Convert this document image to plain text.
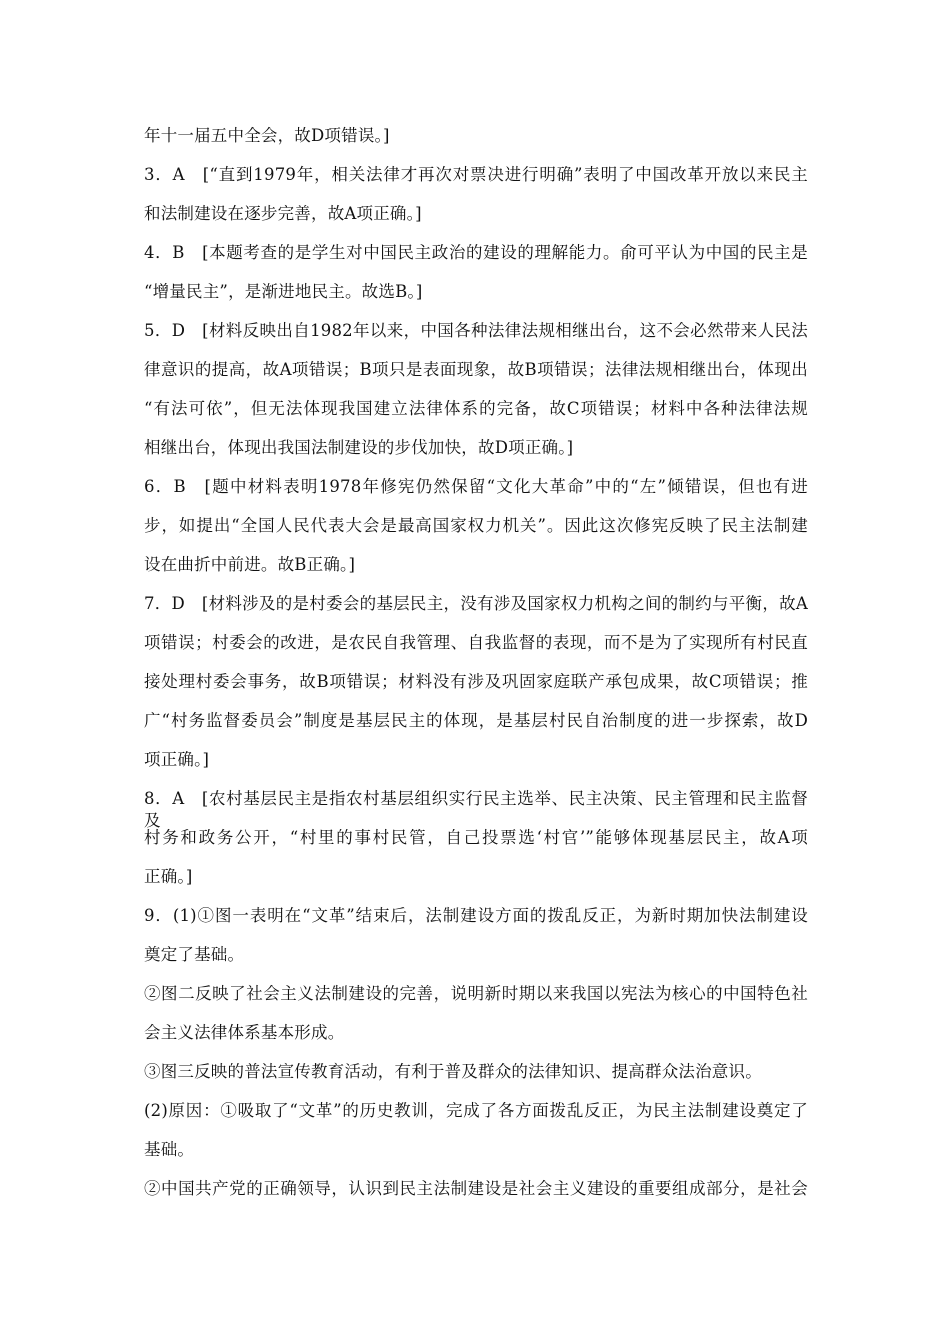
年十一届五中全会，故D项错误。]
3．A　[“直到1979年，相关法律才再次对票决进行明确”表明了中国改革开放以来民主
和法制建设在逐步完善，故A项正确。]
4．B　[本题考查的是学生对中国民主政治的建设的理解能力。俞可平认为中国的民主是
“增量民主”，是渐进地民主。故选B。]
5．D　[材料反映出自1982年以来，中国各种法律法规相继出台，这不会必然带来人民法
律意识的提高，故A项错误；B项只是表面现象，故B项错误；法律法规相继出台，体现出
“有法可依”，但无法体现我国建立法律体系的完备，故C项错误；材料中各种法律法规
相继出台，体现出我国法制建设的步伐加快，故D项正确。]
6．B　[题中材料表明1978年修宪仍然保留“文化大革命”中的“左”倾错误，但也有进
步，如提出“全国人民代表大会是最高国家权力机关”。因此这次修宪反映了民主法制建
设在曲折中前进。故B正确。]
7．D　[材料涉及的是村委会的基层民主，没有涉及国家权力机构之间的制约与平衡，故A
项错误；村委会的改进，是农民自我管理、自我监督的表现，而不是为了实现所有村民直
接处理村委会事务，故B项错误；材料没有涉及巩固家庭联产承包成果，故C项错误；推
广“村务监督委员会”制度是基层民主的体现，是基层村民自治制度的进一步探索，故D
项正确。]
8．A　[农村基层民主是指农村基层组织实行民主选举、民主决策、民主管理和民主监督及
村务和政务公开，“村里的事村民管，自己投票选‘村官’”能够体现基层民主，故A项
正确。]
9．(1)①图一表明在“文革”结束后，法制建设方面的拨乱反正，为新时期加快法制建设
奠定了基础。
②图二反映了社会主义法制建设的完善，说明新时期以来我国以宪法为核心的中国特色社
会主义法律体系基本形成。
③图三反映的普法宣传教育活动，有利于普及群众的法律知识、提高群众法治意识。
(2)原因：①吸取了“文革”的历史教训，完成了各方面拨乱反正，为民主法制建设奠定了
基础。
②中国共产党的正确领导，认识到民主法制建设是社会主义建设的重要组成部分，是社会
